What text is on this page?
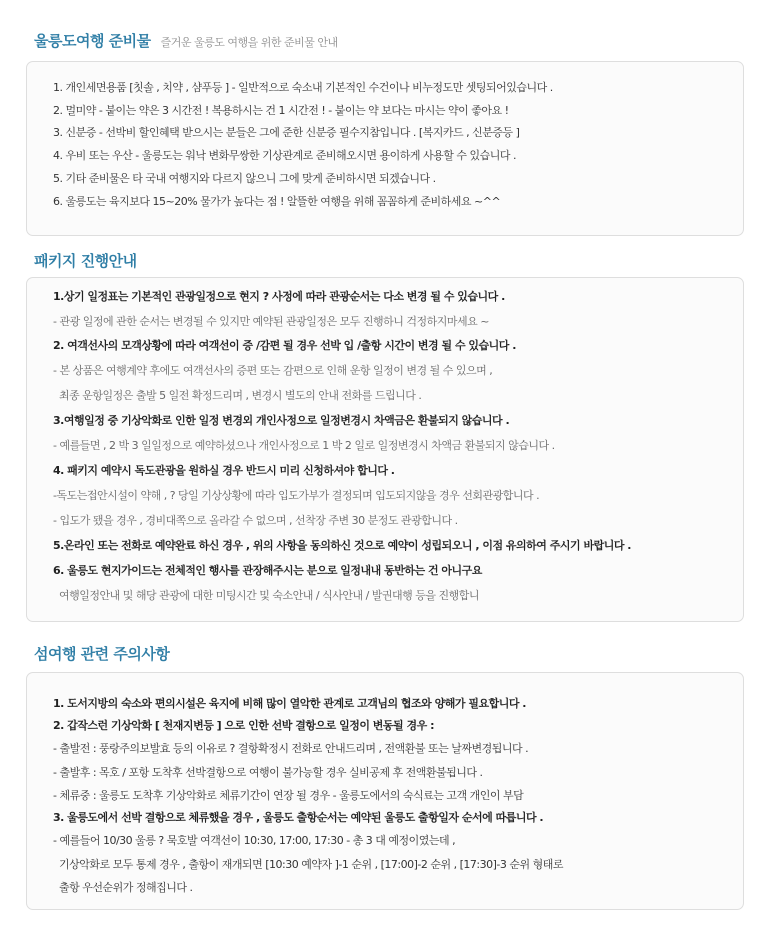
울릉도여행 준비물 즐거운 울릉도 여행을 위한 준비물 안내
1. 개인세면용품 [칫솔 , 치약 , 샴푸등 ] - 일반적으로 숙소내 기본적인 수건이나 비누정도만 셋팅되어있습니다 .
2. 멀미약 - 붙이는 약은 3 시간전 ! 복용하시는 건 1 시간전 ! - 붙이는 약 보다는 마시는 약이 좋아요 !
3. 신분증 - 선박비 할인혜택 받으시는 분들은 그에 준한 신분증 필수지참입니다 . [복지카드 , 신분증등 ]
4. 우비 또는 우산 - 울릉도는 워낙 변화무쌍한 기상관계로 준비해오시면 용이하게 사용할 수 있습니다 .
5. 기타 준비물은 타 국내 여행지와 다르지 않으니 그에 맞게 준비하시면 되겠습니다 .
6. 울릉도는 육지보다 15~20% 물가가 높다는 점 ! 알뜰한 여행을 위해 꼼꼼하게 준비하세요 ~^^
패키지 진행안내
1.상기 일정표는 기본적인 관광일정으로 현지 ? 사정에 따라 관광순서는 다소 변경 될 수 있습니다 .
- 관광 일정에 관한 순서는 변경될 수 있지만 예약된 관광일정은 모두 진행하니 걱정하지마세요 ~
2. 여객선사의 모객상황에 따라 여객선이 증 /감편 될 경우 선박 입 /출항 시간이 변경 될 수 있습니다 .
- 본 상품은 여행계약 후에도 여객선사의 증편 또는 감편으로 인해 운항 일정이 변경 될 수 있으며 ,
최종 운항일정은 출발 5 일전 확정드리며 , 변경시 별도의 안내 전화를 드립니다 .
3.여행일정 중 기상악화로 인한 일정 변경외 개인사정으로 일정변경시 차액금은 환불되지 않습니다 .
- 예를들면 , 2 박 3 일일정으로 예약하셨으나 개인사정으로 1 박 2 일로 일정변경시 차액금 환불되지 않습니다 .
4. 패키지 예약시 독도관광을 원하실 경우 반드시 미리 신청하셔야 합니다 .
-독도는접안시설이 약해 , ? 당일 기상상황에 따라 입도가부가 결정되며 입도되지않을 경우 선회관광합니다 .
- 입도가 됐을 경우 , 경비대쪽으로 올라갈 수 없으며 , 선착장 주변 30 분정도 관광합니다 .
5.온라인 또는 전화로 예약완료 하신 경우 , 위의 사항을 동의하신 것으로 예약이 성립되오니 , 이점 유의하여 주시기 바랍니다 .
6. 울릉도 현지가이드는 전체적인 행사를 관장해주시는 분으로 일정내내 동반하는 건 아니구요
여행일정안내 및 해당 관광에 대한 미팅시간 및 숙소안내 / 식사안내 / 발권대행 등을 진행합니
섬여행 관련 주의사항
1. 도서지방의 숙소와 편의시설은 육지에 비해 많이 열악한 관계로 고객님의 협조와 양해가 필요합니다 .
2. 갑작스런 기상악화 [ 천재지변등 ] 으로 인한 선박 결항으로 일정이 변동될 경우 :
- 출발전 : 풍랑주의보발효 등의 이유로 ? 결항확정시 전화로 안내드리며 , 전액환불 또는 날짜변경됩니다 .
- 출발후 : 목호 / 포항 도착후 선박결항으로 여행이 불가능할 경우 실비공제 후 전액환불됩니다 .
- 체류중 : 울릉도 도착후 기상악화로 체류기간이 연장 될 경우 - 울릉도에서의 숙식료는 고객 개인이 부담
3. 울릉도에서 선박 결항으로 체류했을 경우 , 울릉도 출항순서는 예약된 울릉도 출항일자 순서에 따릅니다 .
- 예를들어 10/30 울릉 ? 묵호발 여객선이 10:30, 17:00, 17:30 - 총 3 대 예정이였는데 ,
기상악화로 모두 통제 경우 , 출항이 재개되면 [10:30 예약자 ]-1 순위 , [17:00]-2 순위 , [17:30]-3 순위 형태로
출항 우선순위가 정해집니다 .
